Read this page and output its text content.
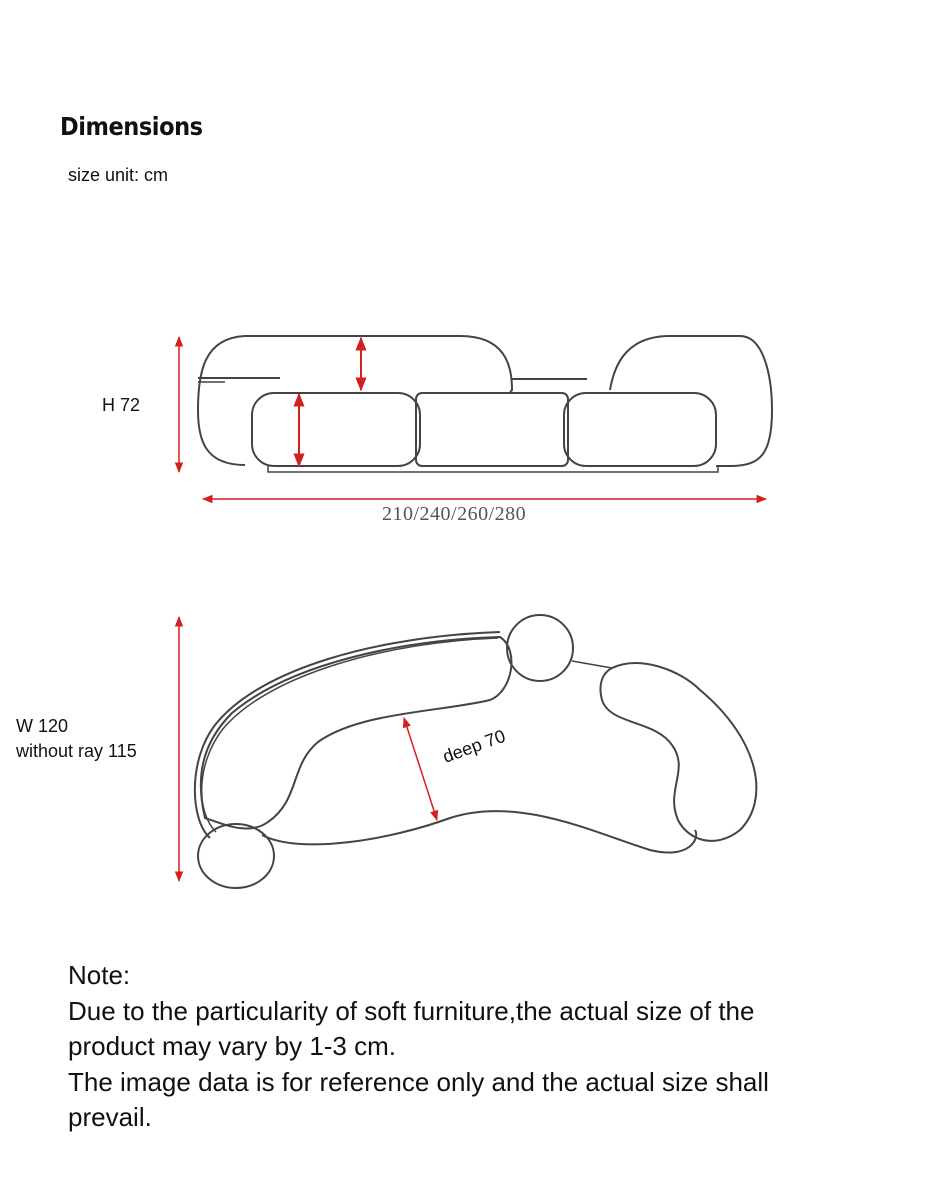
Dimensions
size unit: cm
H 72
210/240/260/280
W 120
without ray 115	deep 70
Note:
Due to the particularity of soft furniture,the actual size of the
product may vary by 1-3 cm.
The image data is for reference only and the actual size shall
prevail.
